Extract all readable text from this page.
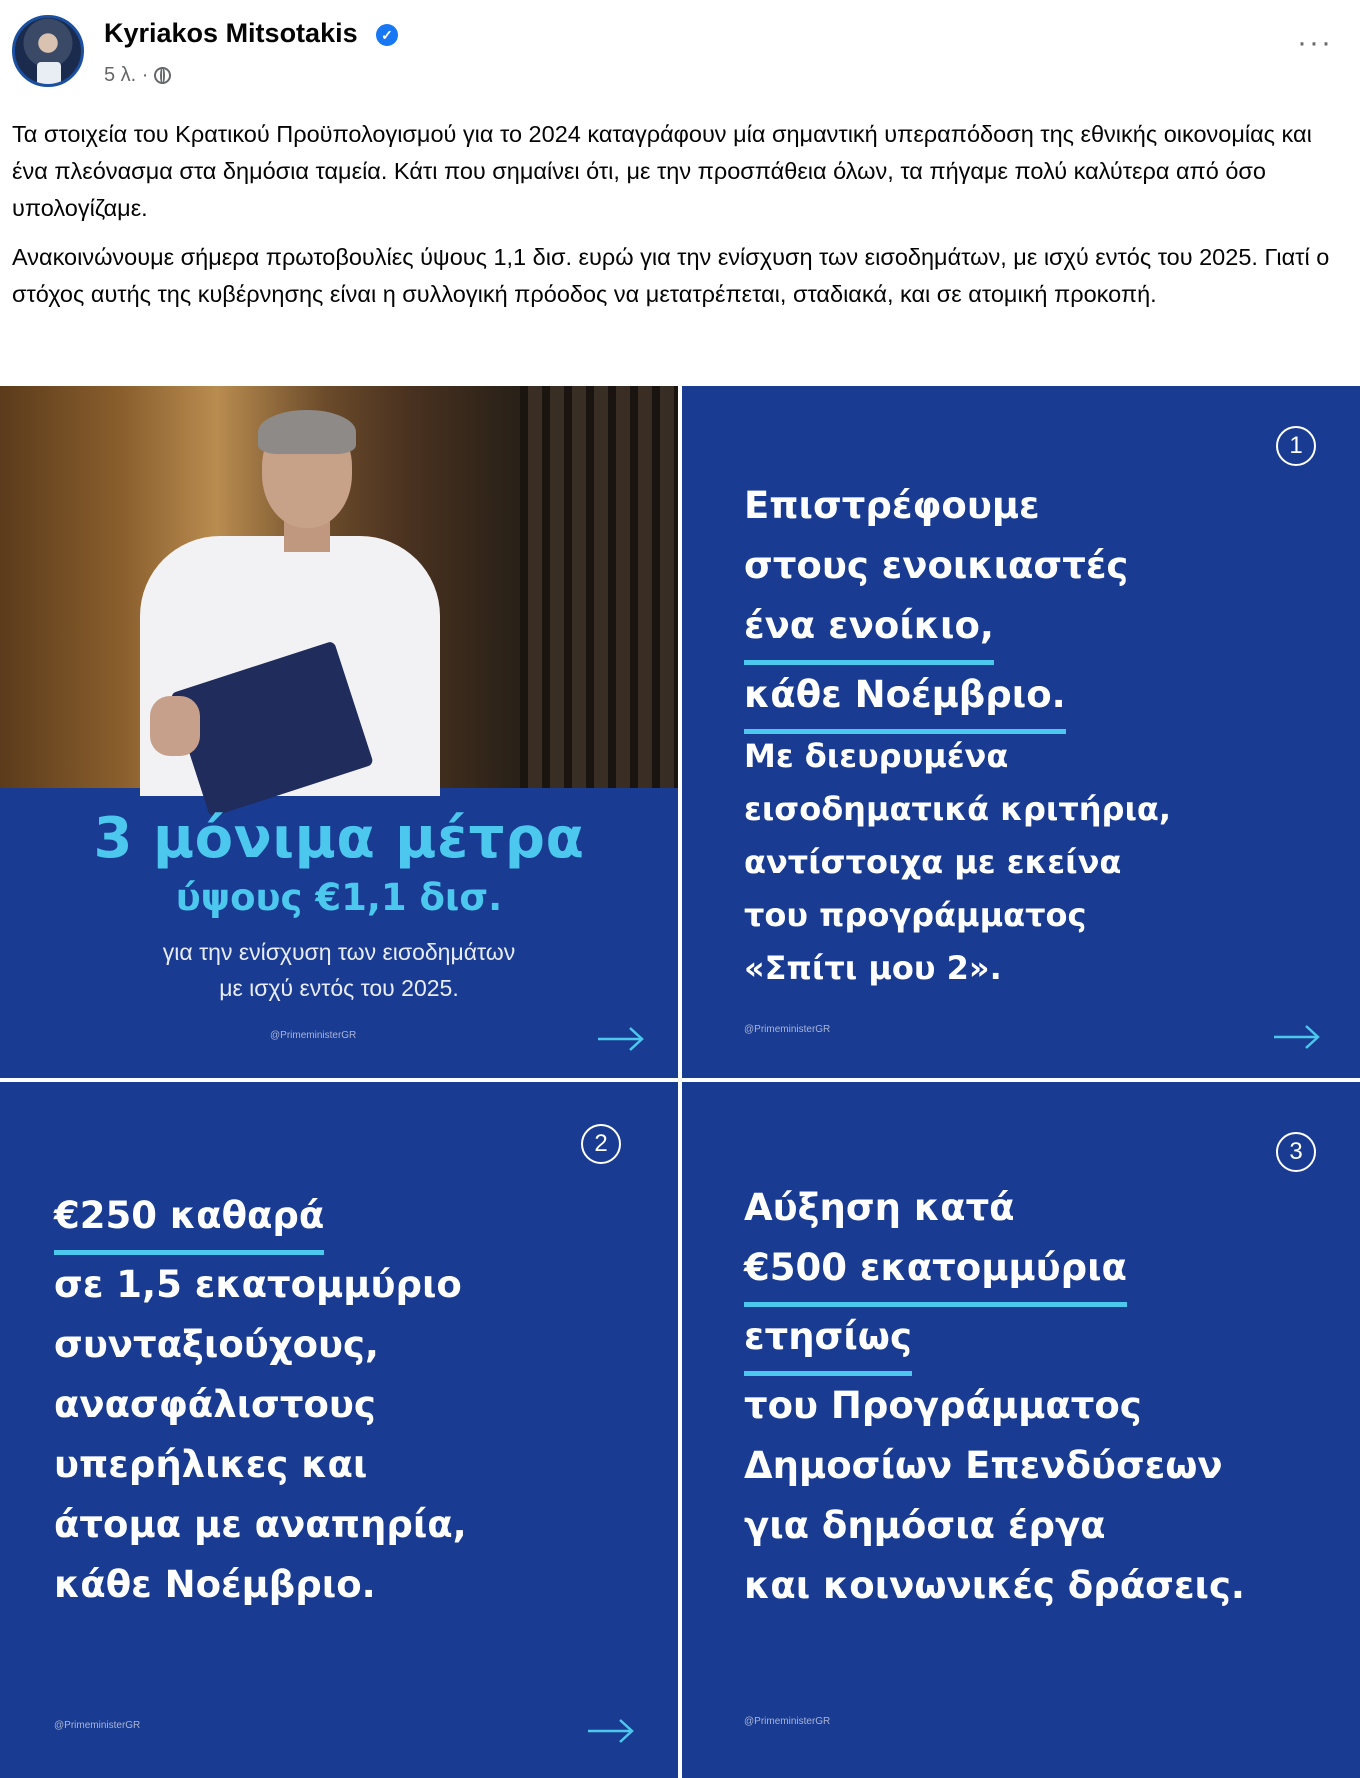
Kyriakos Mitsotakis	✓
5 λ. ·
···

Τα στοιχεία του Κρατικού Προϋπολογισμού για το 2024 καταγράφουν μία σημαντική υπεραπόδοση της εθνικής οικονομίας και ένα πλεόνασμα στα δημόσια ταμεία. Κάτι που σημαίνει ότι, με την προσπάθεια όλων, τα πήγαμε πολύ καλύτερα από όσο υπολογίζαμε.

Ανακοινώνουμε σήμερα πρωτοβουλίες ύψους 1,1 δισ. ευρώ για την ενίσχυση των εισοδημάτων, με ισχύ εντός του 2025. Γιατί ο στόχος αυτής της κυβέρνησης είναι η συλλογική πρόοδος να μετατρέπεται, σταδιακά, και σε ατομική προκοπή.

3 μόνιμα μέτρα
ύψους €1,1 δισ.
για την ενίσχυση των εισοδημάτων
με ισχύ εντός του 2025.
@PrimeministerGR
1
Επιστρέφουμε
στους ενοικιαστές
ένα ενοίκιο,
κάθε Νοέμβριο.
Με διευρυμένα
εισοδηματικά κριτήρια,
αντίστοιχα με εκείνα
του προγράμματος
«Σπίτι μου 2».
@PrimeministerGR
2
€250 καθαρά
σε 1,5 εκατομμύριο
συνταξιούχους,
ανασφάλιστους
υπερήλικες και
άτομα με αναπηρία,
κάθε Νοέμβριο.
@PrimeministerGR
3
Αύξηση κατά
€500 εκατομμύρια
ετησίως
του Προγράμματος
Δημοσίων Επενδύσεων
για δημόσια έργα
και κοινωνικές δράσεις.
@PrimeministerGR
